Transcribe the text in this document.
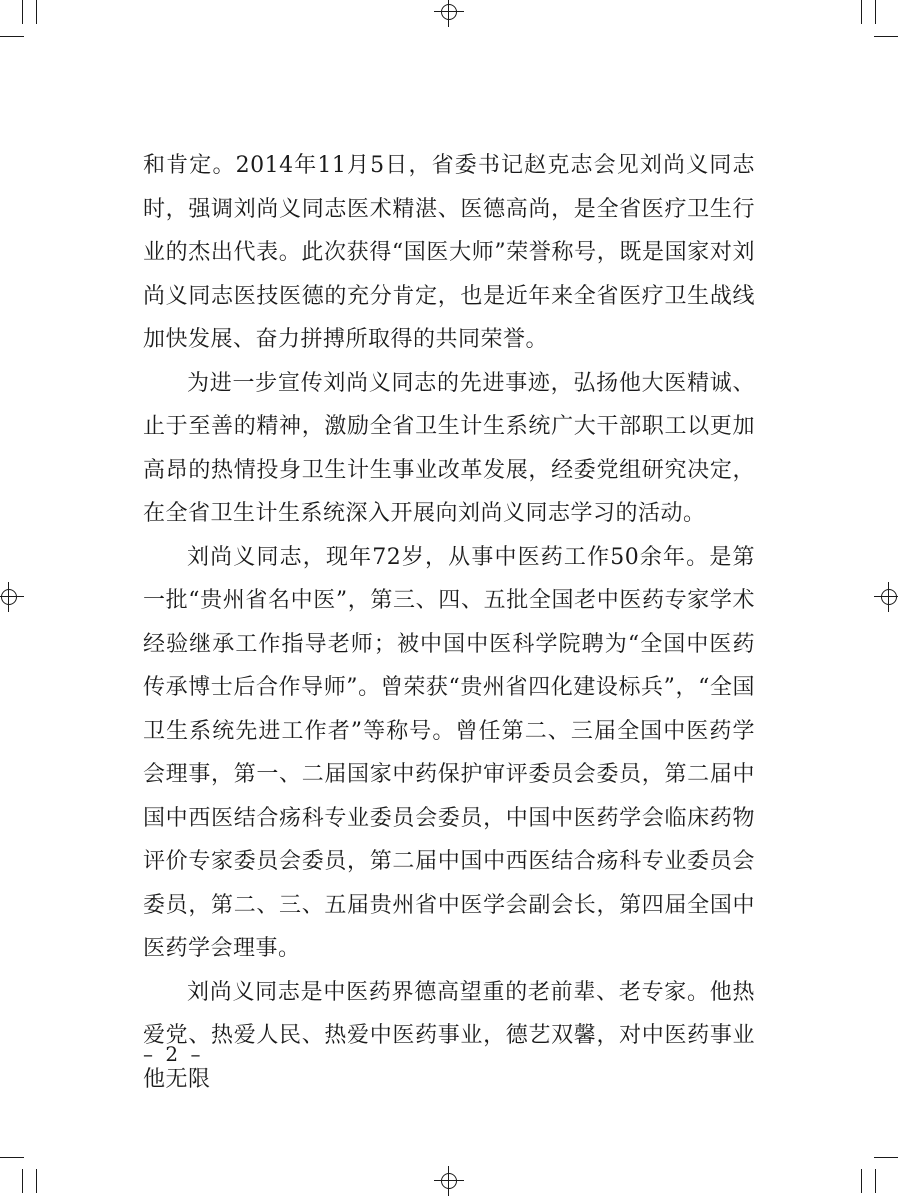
和肯定。2014年11月5日，省委书记赵克志会见刘尚义同志时，强调刘尚义同志医术精湛、医德高尚，是全省医疗卫生行业的杰出代表。此次获得“国医大师”荣誉称号，既是国家对刘尚义同志医技医德的充分肯定，也是近年来全省医疗卫生战线加快发展、奋力拼搏所取得的共同荣誉。

为进一步宣传刘尚义同志的先进事迹，弘扬他大医精诚、止于至善的精神，激励全省卫生计生系统广大干部职工以更加高昂的热情投身卫生计生事业改革发展，经委党组研究决定，在全省卫生计生系统深入开展向刘尚义同志学习的活动。

刘尚义同志，现年72岁，从事中医药工作50余年。是第一批“贵州省名中医”，第三、四、五批全国老中医药专家学术经验继承工作指导老师；被中国中医科学院聘为“全国中医药传承博士后合作导师”。曾荣获“贵州省四化建设标兵”，“全国卫生系统先进工作者”等称号。曾任第二、三届全国中医药学会理事，第一、二届国家中药保护审评委员会委员，第二届中国中西医结合疡科专业委员会委员，中国中医药学会临床药物评价专家委员会委员，第二届中国中西医结合疡科专业委员会委员，第二、三、五届贵州省中医学会副会长，第四届全国中医药学会理事。

刘尚义同志是中医药界德高望重的老前辈、老专家。他热爱党、热爱人民、热爱中医药事业，德艺双馨，对中医药事业他无限

– 2 –
